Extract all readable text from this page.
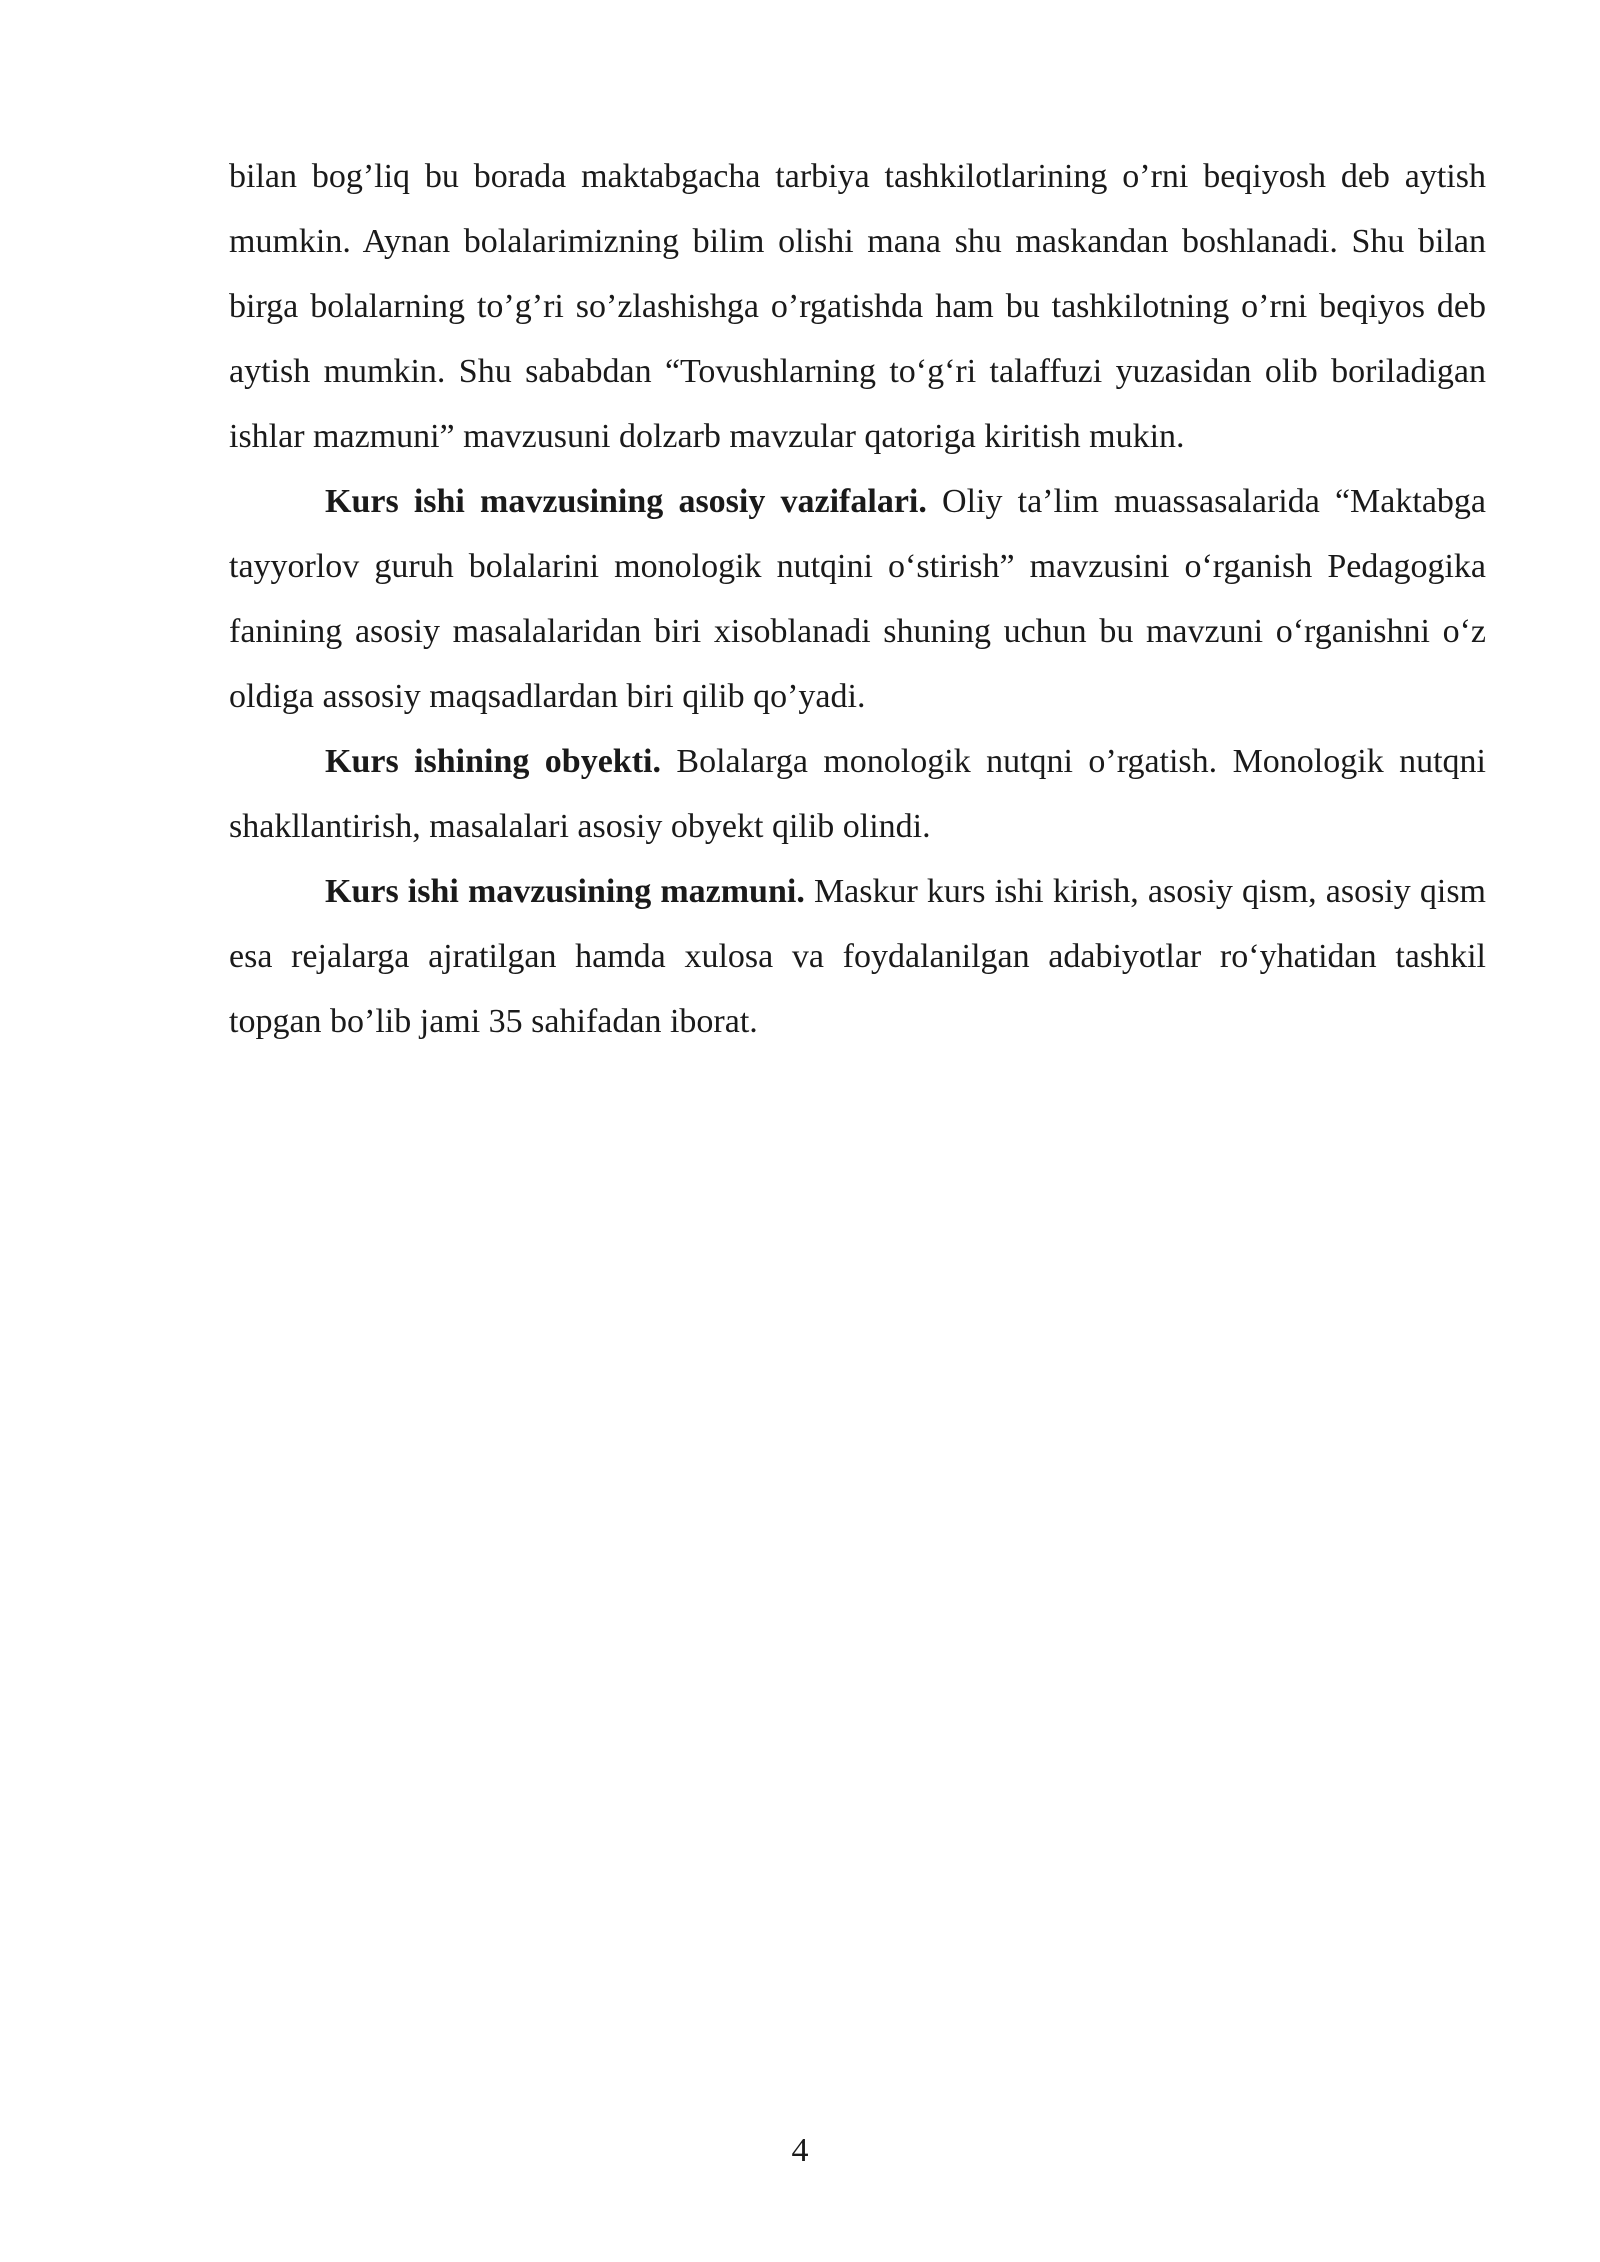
bilan bog’liq bu borada maktabgacha tarbiya tashkilotlarining o’rni beqiyosh deb aytish mumkin. Aynan bolalarimizning bilim olishi mana shu maskandan boshlanadi. Shu bilan birga bolalarning to’g’ri so’zlashishga o’rgatishda ham bu tashkilotning o’rni beqiyos deb aytish mumkin. Shu sababdan “Tovushlarning to‘g‘ri talaffuzi yuzasidan olib boriladigan ishlar mazmuni” mavzusuni dolzarb mavzular qatoriga kiritish mukin.

Kurs ishi mavzusining asosiy vazifalari. Oliy ta’lim muassasalarida “Maktabga tayyorlov guruh bolalarini monologik nutqini o‘stirish” mavzusini o‘rganish Pedagogika fanining asosiy masalalaridan biri xisoblanadi shuning uchun bu mavzuni o‘rganishni o‘z oldiga assosiy maqsadlardan biri qilib qo’yadi.

Kurs ishining obyekti. Bolalarga monologik nutqni o’rgatish. Monologik nutqni shakllantirish, masalalari asosiy obyekt qilib olindi.

Kurs ishi mavzusining mazmuni. Maskur kurs ishi kirish, asosiy qism, asosiy qism esa rejalarga ajratilgan hamda xulosa va foydalanilgan adabiyotlar ro‘yhatidan tashkil topgan bo’lib jami 35 sahifadan iborat.

4
